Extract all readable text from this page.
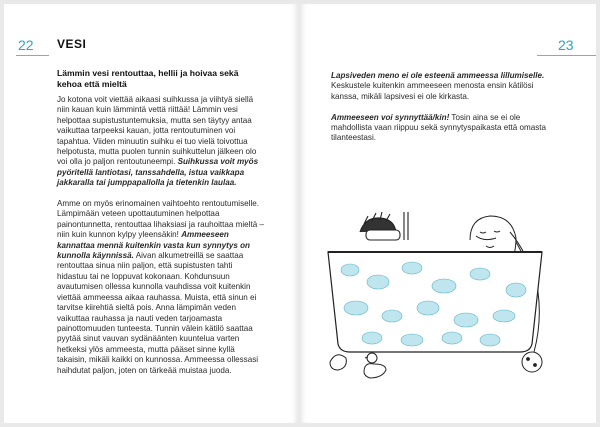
22 VESI
Lämmin vesi rentouttaa, hellii ja hoivaa sekä kehoa että mieltä

Jo kotona voit viettää aikaasi suihkussa ja viihtyä siellä niin kauan kuin lämmintä vettä riittää! Lämmin vesi helpottaa supistustuntemuksia, mutta sen täytyy antaa vaikuttaa tarpeeksi kauan, jotta rentoutuminen voi tapahtua. Viiden minuutin suihku ei tuo vielä toivottua helpotusta, mutta puolen tunnin suihkuttelun jälkeen olo voi olla jo paljon rentoutuneempi. Suihkussa voit myös pyöritellä lantiotasi, tanssahdella, istua vaikkapa jakkaralla tai jumppapallolla ja tietenkin laulaa.

Amme on myös erinomainen vaihtoehto rentoutumiselle. Lämpimään veteen upottautuminen helpottaa painontunnetta, rentouttaa lihaksiasi ja rauhoittaa mieltä – niin kuin kunnon kylpy yleensäkin! Ammeeseen kannattaa mennä kuitenkin vasta kun synnytys on kunnolla käynnissä. Aivan alkumetreillä se saattaa rentouttaa sinua niin paljon, että supistusten tahti hidastuu tai ne loppuvat kokonaan. Kohdunsuun avautumisen ollessa kunnolla vauhdissa voit kuitenkin viettää ammeessa aikaa rauhassa. Muista, että sinun ei tarvitse kiirehtiä sieltä pois. Anna lämpimän veden vaikuttaa rauhassa ja nauti veden tarjoamasta painottomuuden tunteesta. Tunnin välein kätilö saattaa pyytää sinut vauvan sydänäänten kuuntelua varten hetkeksi ylös ammeesta, mutta pääset sinne kyllä takaisin, mikäli kaikki on kunnossa. Ammeessa ollessasi haihdutat paljon, joten on tärkeää muistaa juoda.

23

Lapsiveden meno ei ole esteenä ammeessa lillumiselle. Keskustele kuitenkin ammeeseen menosta ensin kätilösi kanssa, mikäli lapsivesi ei ole kirkasta.

Ammeeseen voi synnyttää/kin! Tosin aina se ei ole mahdollista vaan riippuu sekä synnytyspaikasta että omasta tilanteestasi.
